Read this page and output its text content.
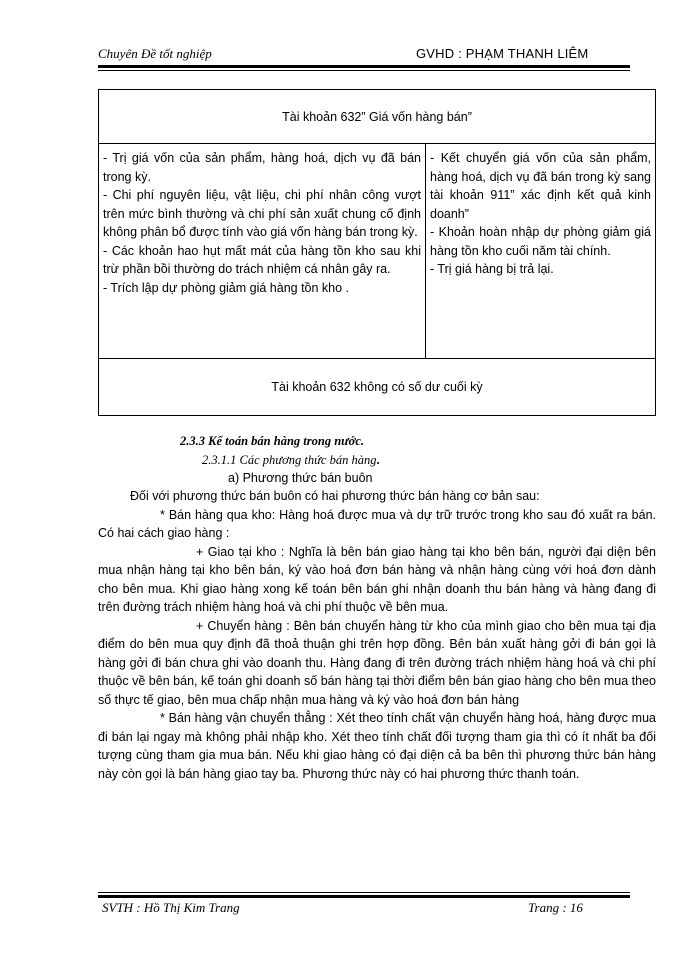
Chuyên Đề tốt nghiệp	GVHD : PHẠM THANH LIÊM
Tài khoản 632” Giá vốn hàng bán”

- Trị giá vốn của sản phẩm, hàng hoá, dịch vụ đã bán trong kỳ.

- Chi phí nguyên liệu, vật liệu, chi phí nhân công vượt trên mức bình thường và chi phí sản xuất chung cố định không phân bổ được tính vào giá vốn hàng bán trong kỳ.

- Các khoản hao hụt mất mát của hàng tồn kho sau khi trừ phần bồi thường do trách nhiệm cá nhân gây ra.

- Trích lập dự phòng giảm giá hàng tồn kho .

- Kết chuyển giá vốn của sản phẩm, hàng hoá, dịch vụ đã bán trong kỳ sang tài khoản 911” xác định kết quả kinh doanh”

- Khoản hoàn nhập dự phòng giảm giá hàng tồn kho cuối năm tài chính.

- Trị giá hàng bị trả lại.

Tài khoản 632 không có số dư cuối kỳ

2.3.3 Kế toán bán hàng trong nước.

2.3.1.1 Các phương thức bán hàng.

a) Phương thức bán buôn

Đối với phương thức bán buôn có hai phương thức bán hàng cơ bản sau:

* Bán hàng qua kho: Hàng hoá được mua và dự trữ trước trong kho sau đó xuất ra bán. Có hai cách giao hàng :

+ Giao tại kho : Nghĩa là bên bán giao hàng tại kho bên bán, người đại diện bên mua nhận hàng tại kho bên bán, ký vào hoá đơn bán hàng và nhận hàng cùng với hoá đơn dành cho bên mua. Khi giao hàng xong kế toán bên bán ghi nhận doanh thu bán hàng và hàng đang đi trên đường trách nhiệm hàng hoá và chi phí thuộc về bên mua.

+ Chuyển hàng : Bên bán chuyển hàng từ kho của mình giao cho bên mua tại địa điểm do bên mua quy định đã thoả thuận ghi trên hợp đồng. Bên bán xuất hàng gởi đi bán gọi là hàng gởi đi bán chưa ghi vào doanh thu. Hàng đang đi trên đường trách nhiệm hàng hoá và chi phí thuộc về bên bán, kế toán ghi doanh số bán hàng tại thời điểm bên bán giao hàng cho bên mua theo số thực tế giao, bên mua chấp nhận mua hàng và ký vào hoá đơn bán hàng

* Bán hàng vận chuyển thẳng : Xét theo tính chất vận chuyển hàng hoá, hàng được mua đi bán lại ngay mà không phải nhập kho. Xét theo tính chất đối tượng tham gia thì có ít nhất ba đối tượng cùng tham gia mua bán. Nếu khi giao hàng có đại diện cả ba bên thì phương thức bán hàng này còn gọi là bán hàng giao tay ba. Phương thức này có hai phương thức thanh toán.

SVTH : Hồ Thị Kim Trang	Trang : 16
